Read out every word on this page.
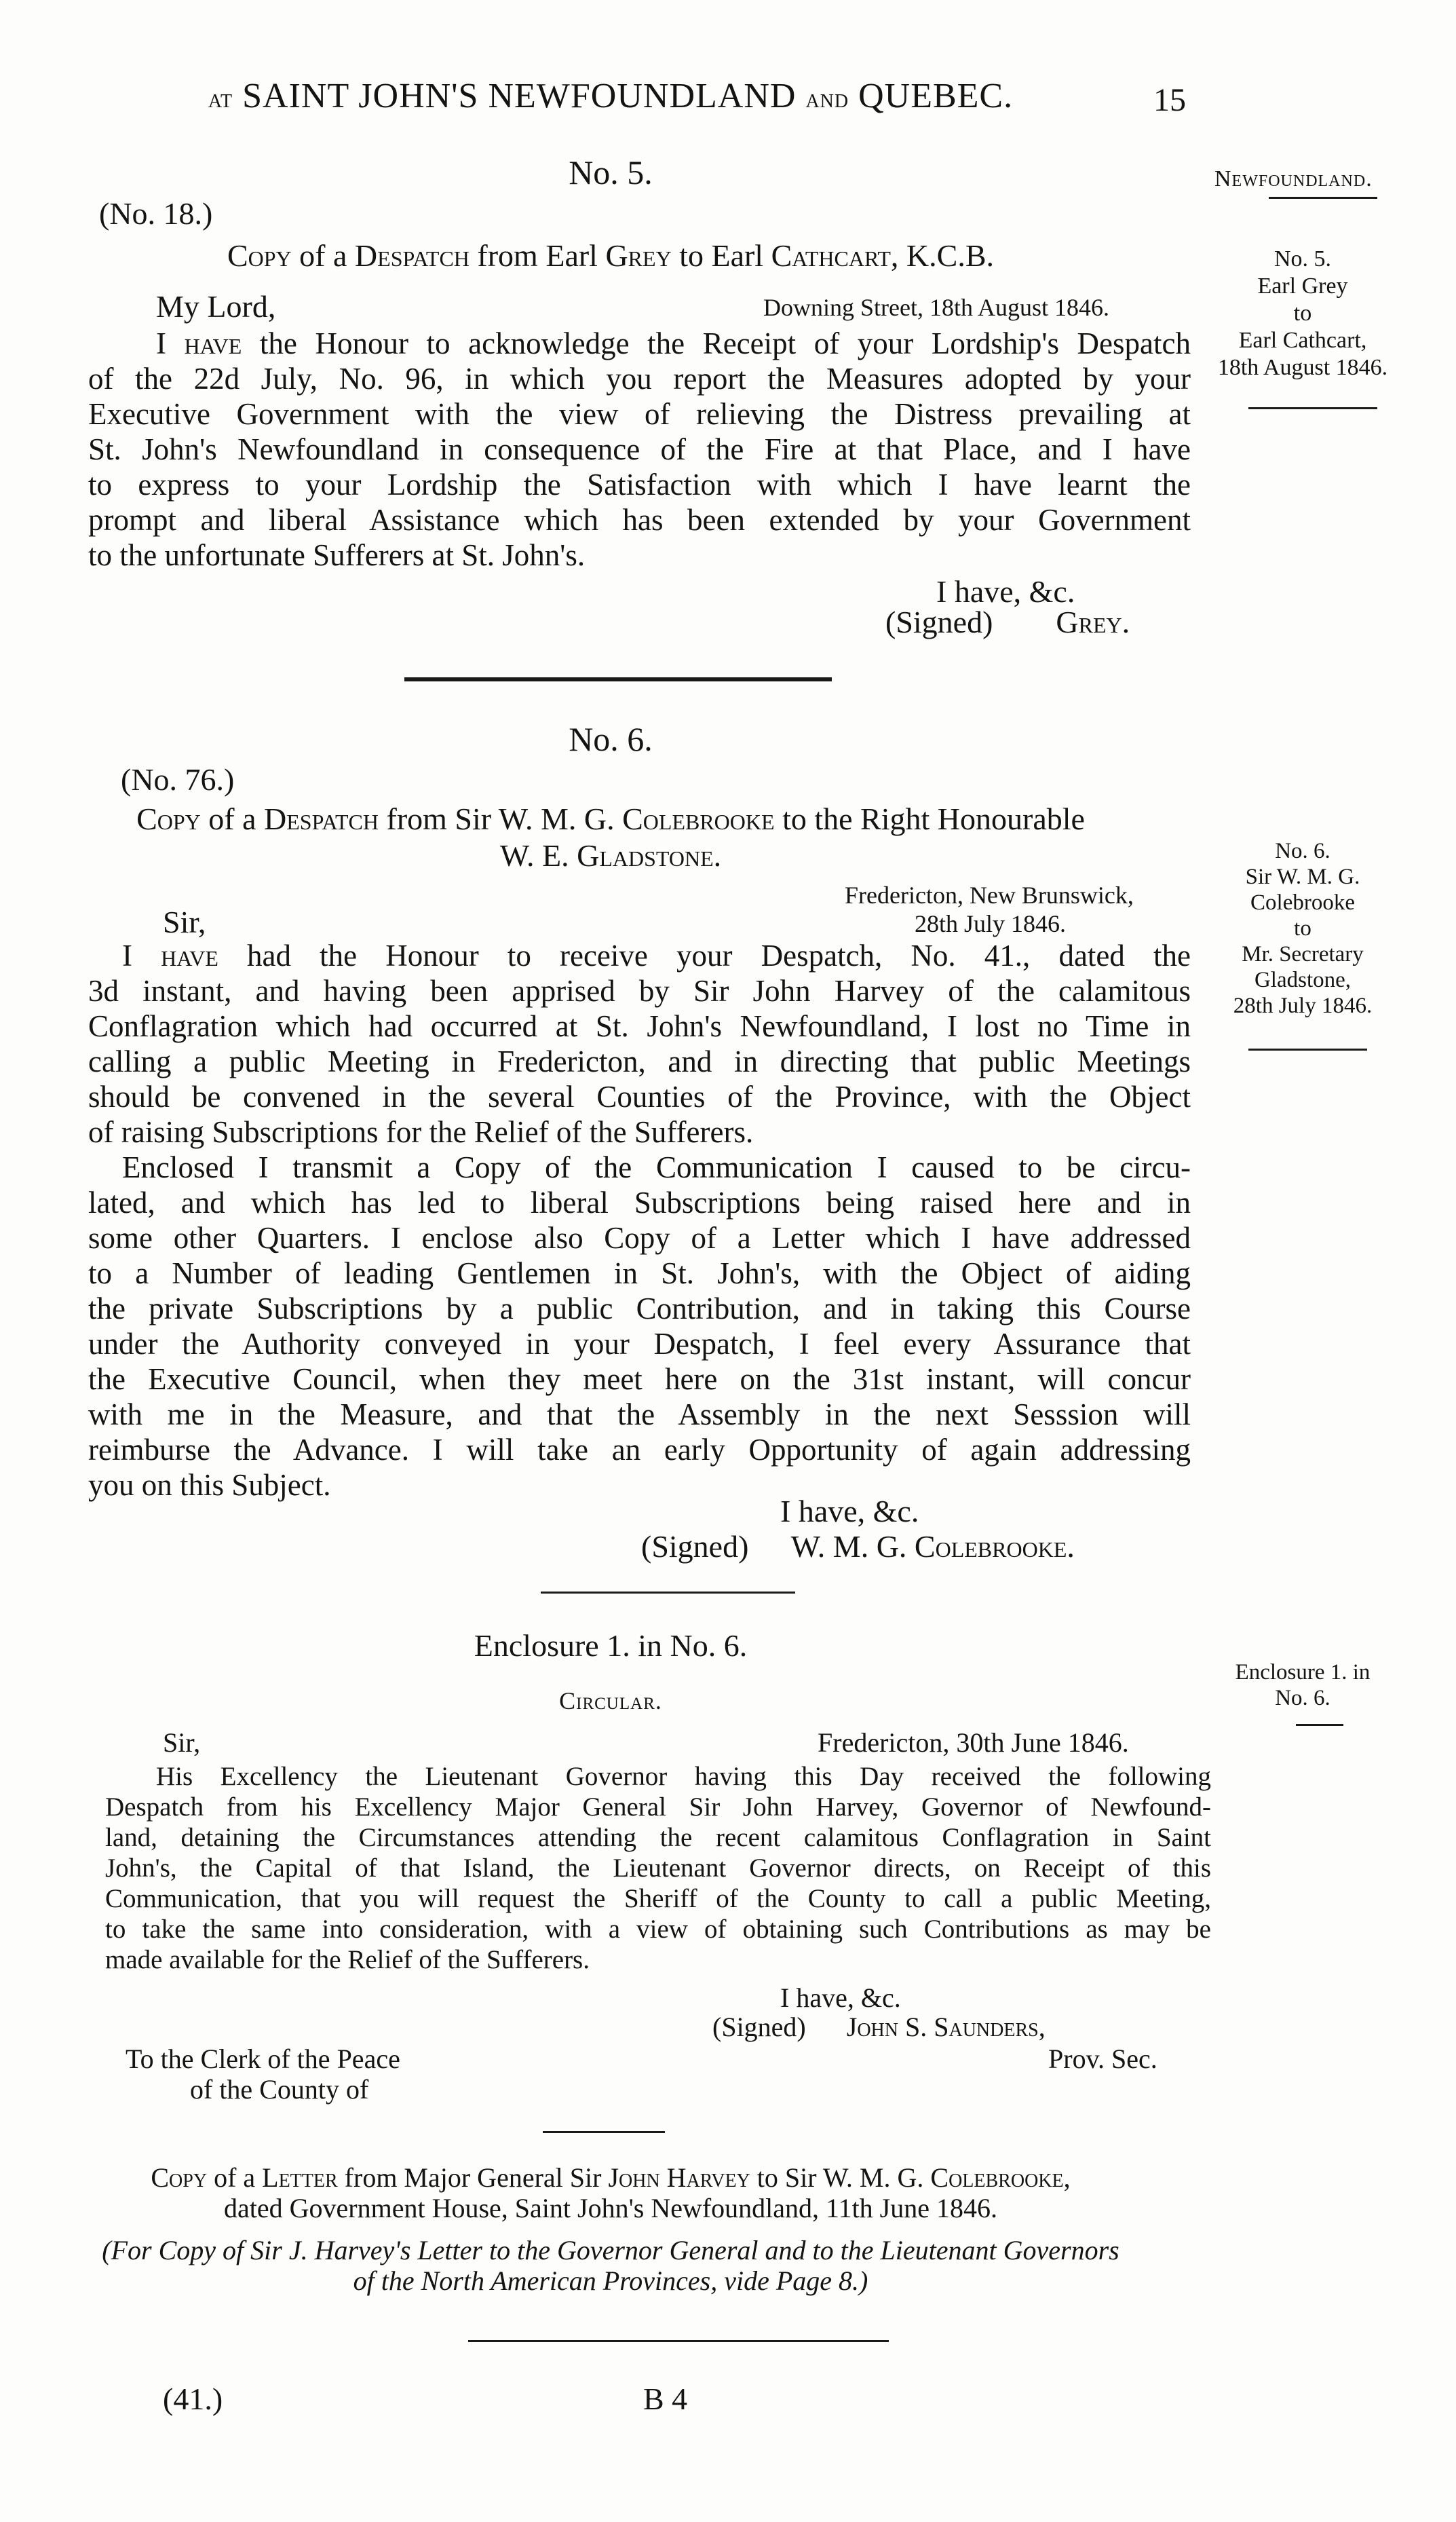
at SAINT JOHN'S NEWFOUNDLAND and QUEBEC.	15
Newfoundland.
No. 5.
Earl Grey
to
Earl Cathcart,
18th August 1846.
No. 6.
Sir W. M. G.
Colebrooke
to
Mr. Secretary
Gladstone,
28th July 1846.
Enclosure 1. in
No. 6.
No. 5.
(No. 18.)
Copy of a Despatch from Earl Grey to Earl Cathcart, K.C.B.
My Lord,	Downing Street, 18th August 1846.
I have the Honour to acknowledge the Receipt of your Lordship's Despatch
of the 22d July, No. 96, in which you report the Measures adopted by your
Executive Government with the view of relieving the Distress prevailing at
St. John's Newfoundland in consequence of the Fire at that Place, and I have
to express to your Lordship the Satisfaction with which I have learnt the
prompt and liberal Assistance which has been extended by your Government
to the unfortunate Sufferers at St. John's.
I have, &c.
(Signed) Grey.
No. 6.
(No. 76.)
Copy of a Despatch from Sir W. M. G. Colebrooke to the Right Honourable
W. E. Gladstone.
Fredericton, New Brunswick,
28th July 1846.
Sir,
I have had the Honour to receive your Despatch, No. 41., dated the
3d instant, and having been apprised by Sir John Harvey of the calamitous
Conflagration which had occurred at St. John's Newfoundland, I lost no Time in
calling a public Meeting in Fredericton, and in directing that public Meetings
should be convened in the several Counties of the Province, with the Object
of raising Subscriptions for the Relief of the Sufferers.
Enclosed I transmit a Copy of the Communication I caused to be circu-
lated, and which has led to liberal Subscriptions being raised here and in
some other Quarters. I enclose also Copy of a Letter which I have addressed
to a Number of leading Gentlemen in St. John's, with the Object of aiding
the private Subscriptions by a public Contribution, and in taking this Course
under the Authority conveyed in your Despatch, I feel every Assurance that
the Executive Council, when they meet here on the 31st instant, will concur
with me in the Measure, and that the Assembly in the next Sesssion will
reimburse the Advance. I will take an early Opportunity of again addressing
you on this Subject.
I have, &c.
(Signed) W. M. G. Colebrooke.
Enclosure 1. in No. 6.
Circular.
Sir,	Fredericton, 30th June 1846.
His Excellency the Lieutenant Governor having this Day received the following
Despatch from his Excellency Major General Sir John Harvey, Governor of Newfound-
land, detaining the Circumstances attending the recent calamitous Conflagration in Saint
John's, the Capital of that Island, the Lieutenant Governor directs, on Receipt of this
Communication, that you will request the Sheriff of the County to call a public Meeting,
to take the same into consideration, with a view of obtaining such Contributions as may be
made available for the Relief of the Sufferers.
I have, &c.
(Signed) John S. Saunders,
To the Clerk of the Peace	Prov. Sec.
of the County of
Copy of a Letter from Major General Sir John Harvey to Sir W. M. G. Colebrooke,
dated Government House, Saint John's Newfoundland, 11th June 1846.
(For Copy of Sir J. Harvey's Letter to the Governor General and to the Lieutenant Governors
of the North American Provinces, vide Page 8.)
(41.)	B 4
